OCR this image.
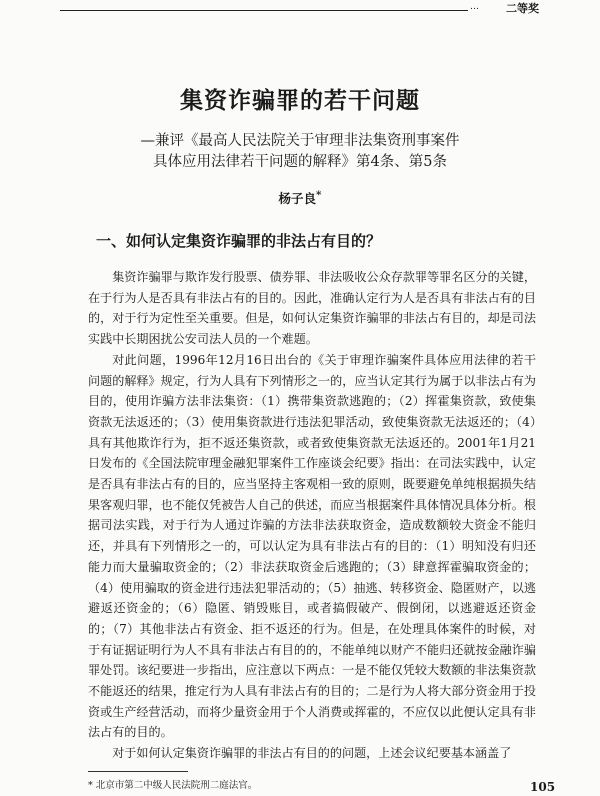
… 二等奖
集资诈骗罪的若干问题
—兼评《最高人民法院关于审理非法集资刑事案件
具体应用法律若干问题的解释》第4条、第5条
杨子良*
一、如何认定集资诈骗罪的非法占有目的？

集资诈骗罪与欺诈发行股票、债券罪、非法吸收公众存款罪等罪名区分的关键，在于行为人是否具有非法占有的目的。因此，准确认定行为人是否具有非法占有的目的，对于行为定性至关重要。但是，如何认定集资诈骗罪的非法占有目的，却是司法实践中长期困扰公安司法人员的一个难题。

对此问题，1996年12月16日出台的《关于审理诈骗案件具体应用法律的若干问题的解释》规定，行为人具有下列情形之一的，应当认定其行为属于以非法占有为目的，使用诈骗方法非法集资：（1）携带集资款逃跑的；（2）挥霍集资款，致使集资款无法返还的；（3）使用集资款进行违法犯罪活动，致使集资款无法返还的；（4）具有其他欺诈行为，拒不返还集资款，或者致使集资款无法返还的。2001年1月21日发布的《全国法院审理金融犯罪案件工作座谈会纪要》指出：在司法实践中，认定是否具有非法占有的目的，应当坚持主客观相一致的原则，既要避免单纯根据损失结果客观归罪，也不能仅凭被告人自己的供述，而应当根据案件具体情况具体分析。根据司法实践，对于行为人通过诈骗的方法非法获取资金，造成数额较大资金不能归还，并具有下列情形之一的，可以认定为具有非法占有的目的：（1）明知没有归还能力而大量骗取资金的；（2）非法获取资金后逃跑的；（3）肆意挥霍骗取资金的；（4）使用骗取的资金进行违法犯罪活动的；（5）抽逃、转移资金、隐匿财产，以逃避返还资金的；（6）隐匿、销毁账目，或者搞假破产、假倒闭，以逃避返还资金的；（7）其他非法占有资金、拒不返还的行为。但是，在处理具体案件的时候，对于有证据证明行为人不具有非法占有目的的，不能单纯以财产不能归还就按金融诈骗罪处罚。该纪要进一步指出，应注意以下两点：一是不能仅凭较大数额的非法集资款不能返还的结果，推定行为人具有非法占有的目的；二是行为人将大部分资金用于投资或生产经营活动，而将少量资金用于个人消费或挥霍的，不应仅以此便认定具有非法占有的目的。

对于如何认定集资诈骗罪的非法占有目的的问题，上述会议纪要基本涵盖了

* 北京市第二中级人民法院刑二庭法官。	105
